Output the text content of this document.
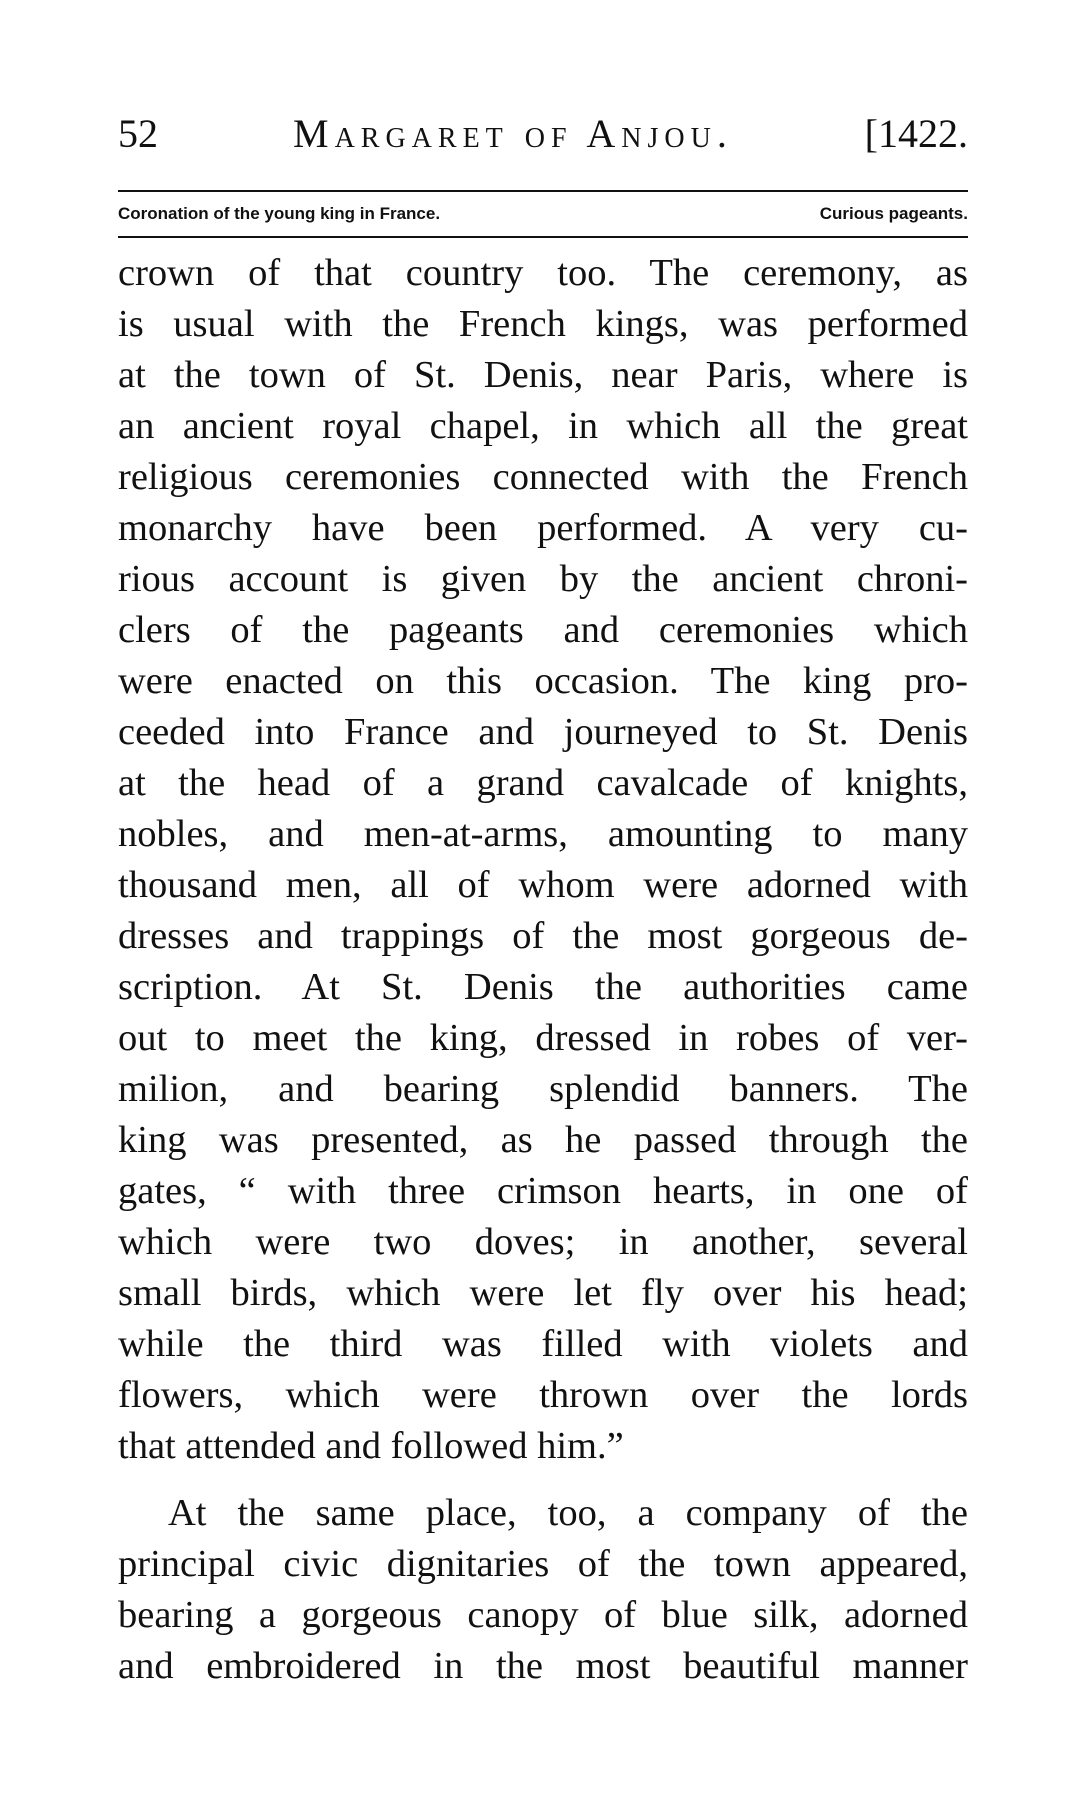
52	Margaret of Anjou.	[1422.
Coronation of the young king in France.	Curious pageants.
crown of that country too. The ceremony, as
is usual with the French kings, was performed
at the town of St. Denis, near Paris, where is
an ancient royal chapel, in which all the great
religious ceremonies connected with the French
monarchy have been performed. A very cu-
rious account is given by the ancient chroni-
clers of the pageants and ceremonies which
were enacted on this occasion. The king pro-
ceeded into France and journeyed to St. Denis
at the head of a grand cavalcade of knights,
nobles, and men-at-arms, amounting to many
thousand men, all of whom were adorned with
dresses and trappings of the most gorgeous de-
scription. At St. Denis the authorities came
out to meet the king, dressed in robes of ver-
milion, and bearing splendid banners. The
king was presented, as he passed through the
gates, “ with three crimson hearts, in one of
which were two doves; in another, several
small birds, which were let fly over his head;
while the third was filled with violets and
flowers, which were thrown over the lords
that attended and followed him.”
At the same place, too, a company of the
principal civic dignitaries of the town appeared,
bearing a gorgeous canopy of blue silk, adorned
and embroidered in the most beautiful manner
